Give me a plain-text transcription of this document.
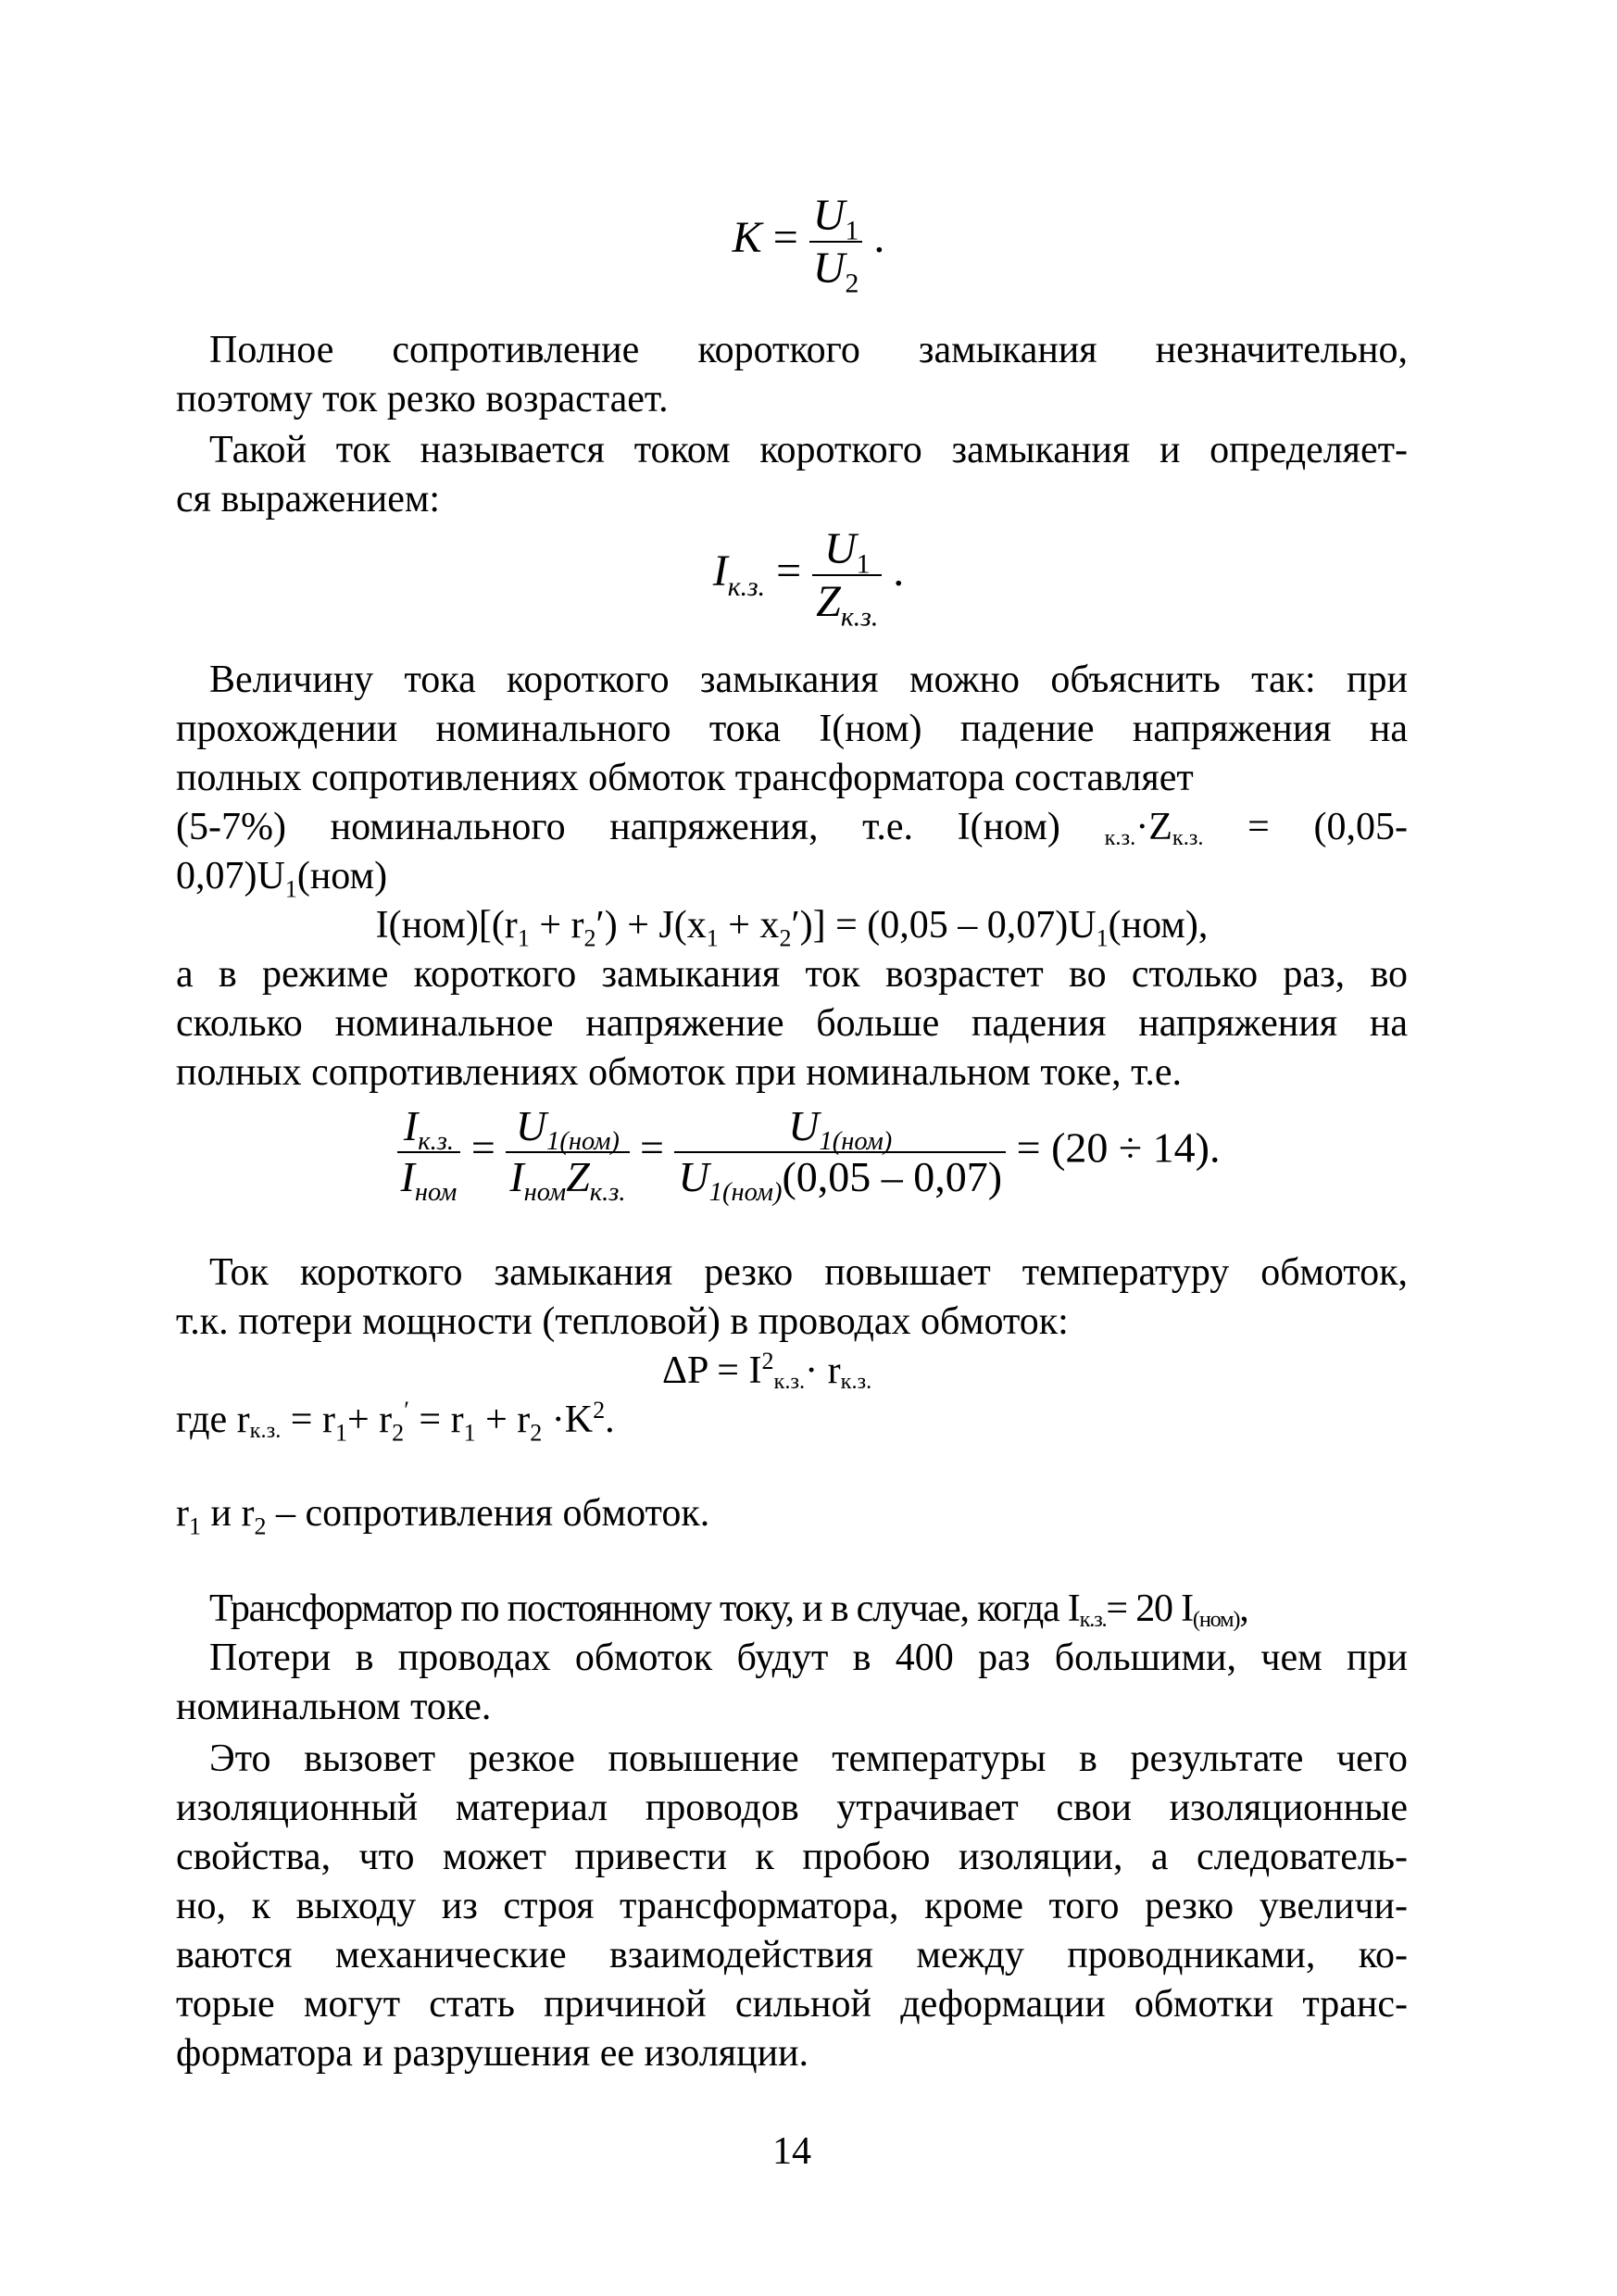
$K = \frac{U_1}{U_2}$ .
Полное сопротивление короткого замыкания незначительно,
поэтому ток резко возрастает.
Такой ток называется током короткого замыкания и определяет-
ся выражением:
$I_{к.з.} = \frac{U_1}{Z_{к.з.}}$ .
Величину тока короткого замыкания можно объяснить так: при
прохождении номинального тока I(ном) падение напряжения на
полных сопротивлениях обмоток трансформатора составляет
(5-7%) номинального напряжения, т.е. I(ном) к.з.·Zк.з. = (0,05-
$0,07)U_1(ном)$
$I(ном)[(r_1 + r_2') + J(x_1 + x_2')] = (0,05 - 0,07)U_1(ном)$,
а в режиме короткого замыкания ток возрастет во столько раз, во
сколько номинальное напряжение больше падения напряжения на
полных сопротивлениях обмоток при номинальном токе, т.е.
$\frac{I_{к.з.}}{I_{ном}} = \frac{U_{1(ном)}}{I_{ном}Z_{к.з.}} = \frac{U_{1(ном)}}{U_{1(ном)}(0,05 - 0,07)} = (20 \div 14)$.
Ток короткого замыкания резко повышает температуру обмоток,
т.к. потери мощности (тепловой) в проводах обмоток:
$\Delta P = I^2к.з.\cdot rк.з$.
где rк.з. = $r_1+ r_2' = r_1 + r_2 \cdot K^2$.
$r_1$ и $r_2$ – сопротивления обмоток.
Трансформатор по постоянному току, и в случае, когда Iк.з.= 20 I(ном),
Потери в проводах обмоток будут в 400 раз большими, чем при
номинальном токе.
Это вызовет резкое повышение температуры в результате чего
изоляционный материал проводов утрачивает свои изоляционные
свойства, что может привести к пробою изоляции, а следователь-
но, к выходу из строя трансформатора, кроме того резко увеличи-
ваются механические взаимодействия между проводниками, ко-
торые могут стать причиной сильной деформации обмотки транс-
форматора и разрушения ее изоляции.
14
